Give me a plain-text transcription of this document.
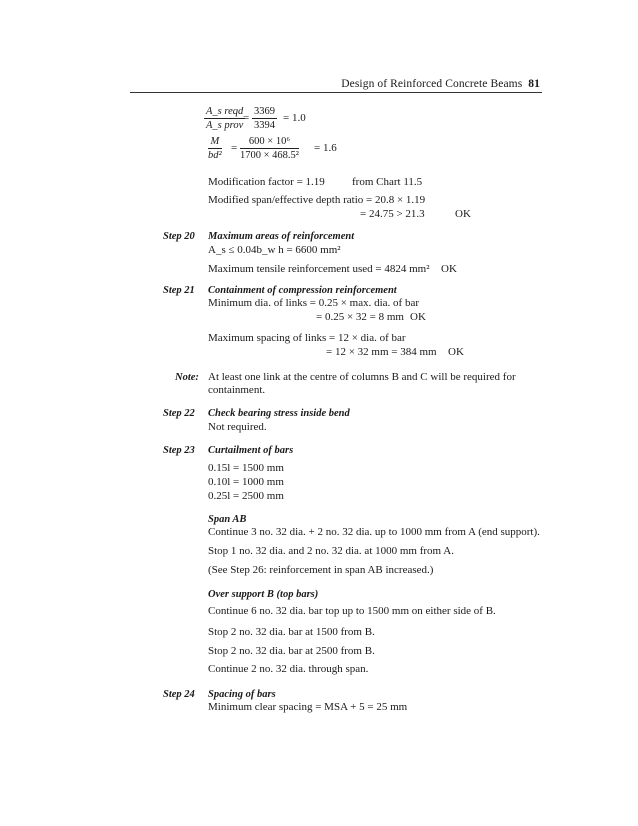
Design of Reinforced Concrete Beams 81
A_s reqd
A_s prov
= $\frac{3369}{3394} = 1.0$
$\frac{M}{\text{bd²}} = \frac{\text{600 × 10⁶}}{\text{1700 × 468.5²}} = 1.6$
Modification factor = 1.19 from Chart 11.5
Modified span/effective depth ratio = 20.8 × 1.19
= 24.75 > 21.3	OK
Step 20 Maximum areas of reinforcement
A_s ≤ 0.04b_w h = 6600 mm²
Maximum tensile reinforcement used = 4824 mm² OK
Step 21 Containment of compression reinforcement
Minimum dia. of links = 0.25 × max. dia. of bar
= 0.25 × 32 = 8 mm OK
Maximum spacing of links = 12 × dia. of bar
= 12 × 32 mm = 384 mm OK
Note: At least one link at the centre of columns B and C will be required for
containment.
Step 22 Check bearing stress inside bend
Not required.
Step 23 Curtailment of bars
0.15l = 1500 mm
0.10l = 1000 mm
0.25l = 2500 mm
Span AB
Continue 3 no. 32 dia. + 2 no. 32 dia. up to 1000 mm from A (end support).
Stop 1 no. 32 dia. and 2 no. 32 dia. at 1000 mm from A.
(See Step 26: reinforcement in span AB increased.)
Over support B (top bars)
Continue 6 no. 32 dia. bar top up to 1500 mm on either side of B.
Stop 2 no. 32 dia. bar at 1500 from B.
Stop 2 no. 32 dia. bar at 2500 from B.
Continue 2 no. 32 dia. through span.
Step 24 Spacing of bars
Minimum clear spacing = MSA + 5 = 25 mm
